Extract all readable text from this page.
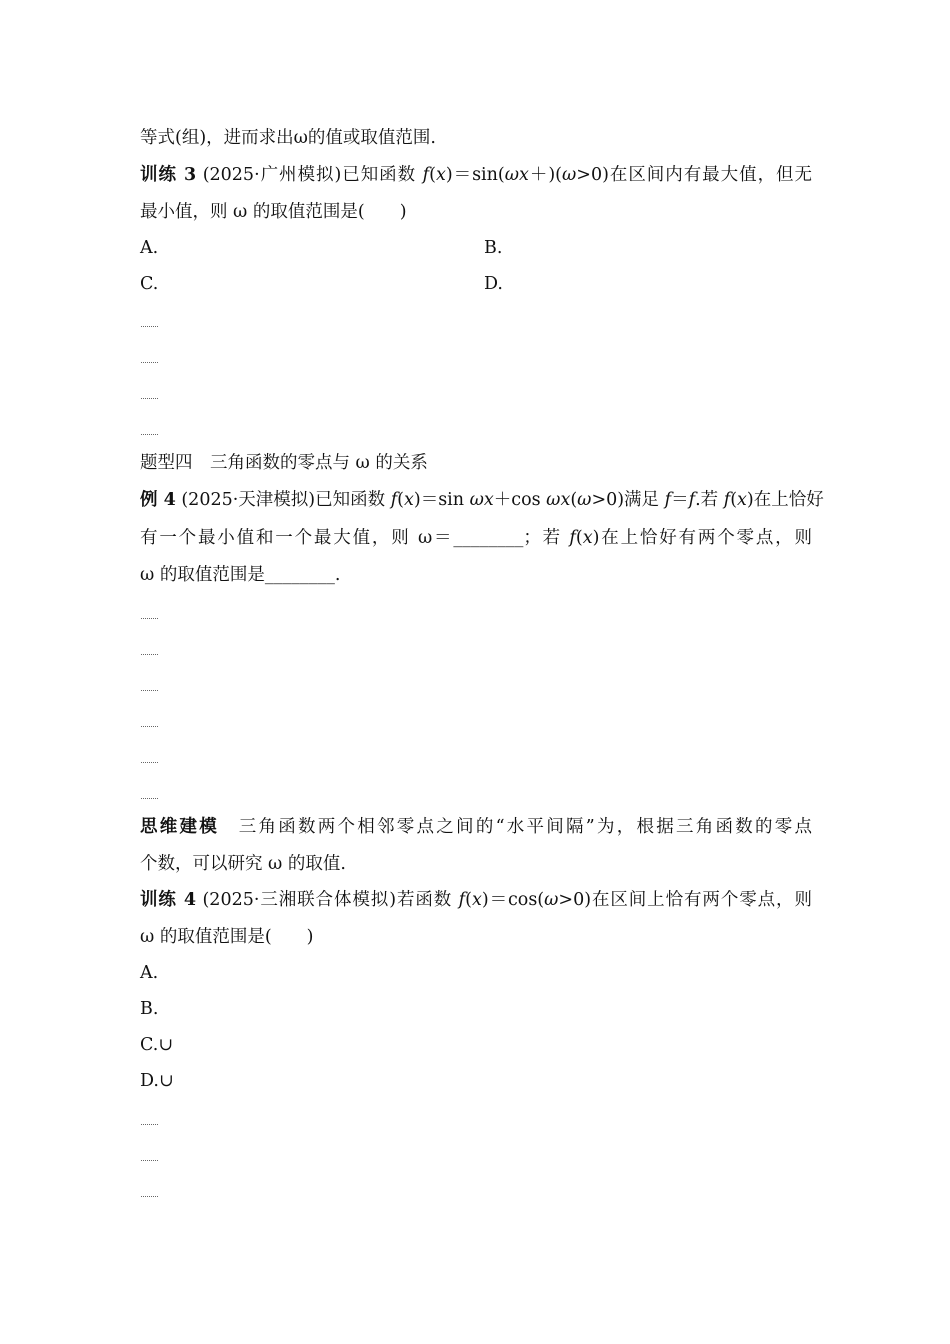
等式(组)，进而求出ω的值或取值范围.
训练 3 (2025·广州模拟)已知函数 f(x)＝sin(ωx＋)(ω>0)在区间内有最大值，但无
最小值，则 ω 的取值范围是(　　)
A.	B.
C.	D.
题型四　三角函数的零点与 ω 的关系
例 4 (2025·天津模拟)已知函数 f(x)＝sin ωx＋cos ωx(ω>0)满足 f＝f.若 f(x)在上恰好
有一个最小值和一个最大值，则 ω＝________；若 f(x)在上恰好有两个零点，则
ω 的取值范围是________.
思维建模　 三角函数两个相邻零点之间的“水平间隔”为，根据三角函数的零点
个数，可以研究 ω 的取值.
训练 4 (2025·三湘联合体模拟)若函数 f(x)＝cos(ω>0)在区间上恰有两个零点，则
ω 的取值范围是(　　)
A.
B.
C.∪
D.∪
